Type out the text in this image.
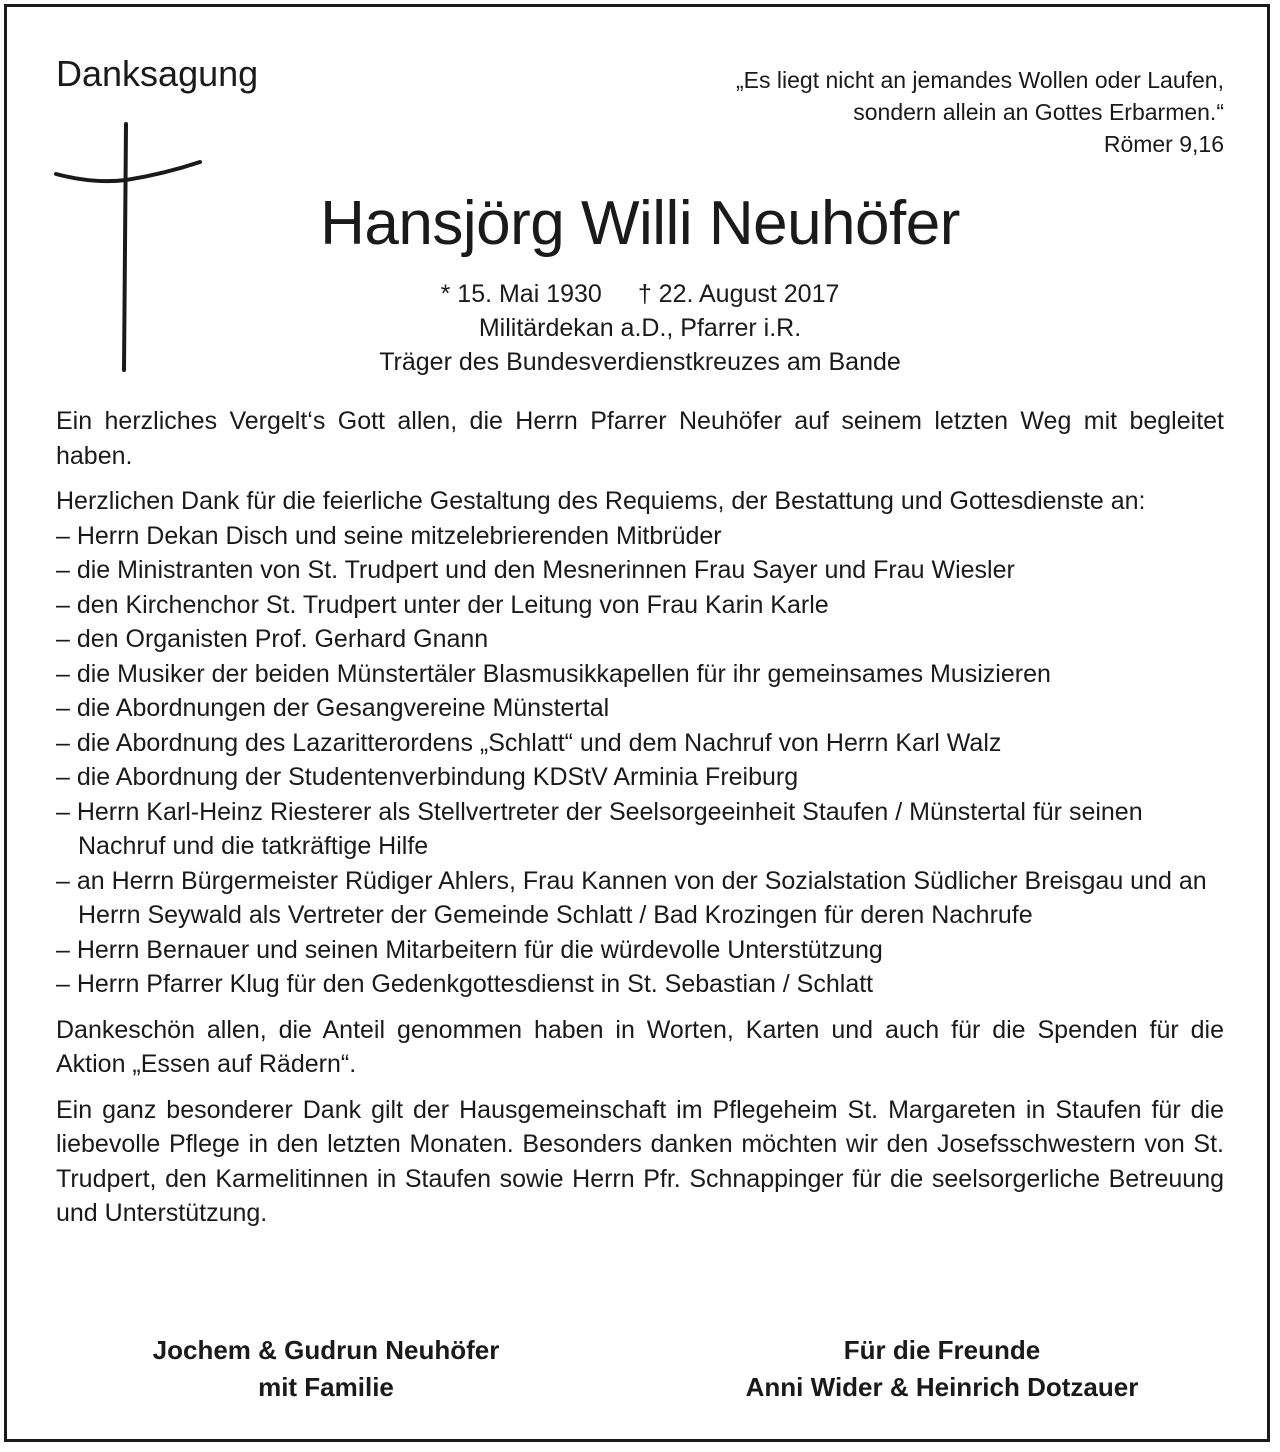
Danksagung	„Es liegt nicht an jemandes Wollen oder Laufen,
sondern allein an Gottes Erbarmen.“
Römer 9,16
Hansjörg Willi Neuhöfer
* 15. Mai 1930 † 22. August 2017
Militärdekan a.D., Pfarrer i.R.
Träger des Bundesverdienstkreuzes am Bande

Ein herzliches Vergelt‘s Gott allen, die Herrn Pfarrer Neuhöfer auf seinem letzten Weg mit begleitet haben.

Herzlichen Dank für die feierliche Gestaltung des Requiems, der Bestattung und Gottesdienste an:

– Herrn Dekan Disch und seine mitzelebrierenden Mitbrüder
– die Ministranten von St. Trudpert und den Mesnerinnen Frau Sayer und Frau Wiesler
– den Kirchenchor St. Trudpert unter der Leitung von Frau Karin Karle
– den Organisten Prof. Gerhard Gnann
– die Musiker der beiden Münstertäler Blasmusikkapellen für ihr gemeinsames Musizieren
– die Abordnungen der Gesangvereine Münstertal
– die Abordnung des Lazaritterordens „Schlatt“ und dem Nachruf von Herrn Karl Walz
– die Abordnung der Studentenverbindung KDStV Arminia Freiburg
– Herrn Karl-Heinz Riesterer als Stellvertreter der Seelsorgeeinheit Staufen / Münstertal für seinen Nachruf und die tatkräftige Hilfe
– an Herrn Bürgermeister Rüdiger Ahlers, Frau Kannen von der Sozialstation Südlicher Breisgau und an Herrn Seywald als Vertreter der Gemeinde Schlatt / Bad Krozingen für deren Nachrufe
– Herrn Bernauer und seinen Mitarbeitern für die würdevolle Unterstützung
– Herrn Pfarrer Klug für den Gedenkgottesdienst in St. Sebastian / Schlatt

Dankeschön allen, die Anteil genommen haben in Worten, Karten und auch für die Spenden für die Aktion „Essen auf Rädern“.

Ein ganz besonderer Dank gilt der Hausgemeinschaft im Pflegeheim St. Margareten in Staufen für die liebevolle Pflege in den letzten Monaten. Besonders danken möchten wir den Josefsschwestern von St. Trudpert, den Karmelitinnen in Staufen sowie Herrn Pfr. Schnappinger für die seelsorgerliche Betreuung und Unterstützung.

Jochem & Gudrun Neuhöfer
mit Familie
Für die Freunde
Anni Wider & Heinrich Dotzauer
